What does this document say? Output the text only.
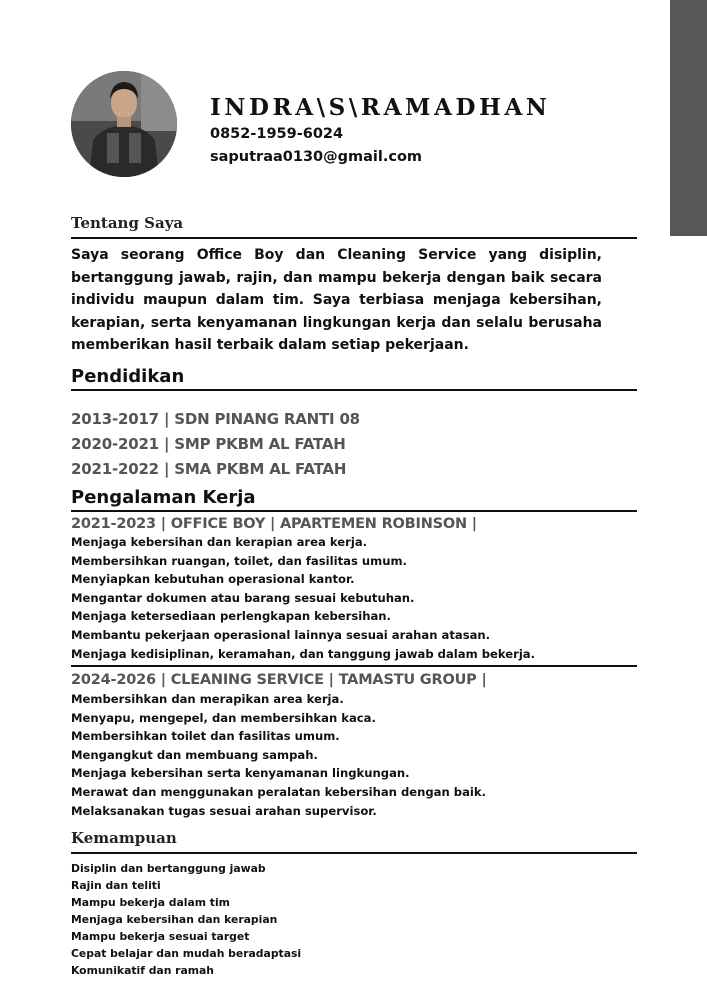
INDRA\S\RAMADHAN
0852-1959-6024
saputraa0130@gmail.com
Tentang Saya
Saya seorang Office Boy dan Cleaning Service yang disiplin, bertanggung jawab, rajin, dan mampu bekerja dengan baik secara individu maupun dalam tim. Saya terbiasa menjaga kebersihan, kerapian, serta kenyamanan lingkungan kerja dan selalu berusaha memberikan hasil terbaik dalam setiap pekerjaan.
Pendidikan
2013-2017 | SDN PINANG RANTI 08
2020-2021 | SMP PKBM AL FATAH
2021-2022 | SMA PKBM AL FATAH
Pengalaman Kerja
2021-2023 | OFFICE BOY | APARTEMEN ROBINSON |
Menjaga kebersihan dan kerapian area kerja.
Membersihkan ruangan, toilet, dan fasilitas umum.
Menyiapkan kebutuhan operasional kantor.
Mengantar dokumen atau barang sesuai kebutuhan.
Menjaga ketersediaan perlengkapan kebersihan.
Membantu pekerjaan operasional lainnya sesuai arahan atasan.
Menjaga kedisiplinan, keramahan, dan tanggung jawab dalam bekerja.
2024-2026 | CLEANING SERVICE | TAMASTU GROUP |
Membersihkan dan merapikan area kerja.
Menyapu, mengepel, dan membersihkan kaca.
Membersihkan toilet dan fasilitas umum.
Mengangkut dan membuang sampah.
Menjaga kebersihan serta kenyamanan lingkungan.
Merawat dan menggunakan peralatan kebersihan dengan baik.
Melaksanakan tugas sesuai arahan supervisor.
Kemampuan
Disiplin dan bertanggung jawab
Rajin dan teliti
Mampu bekerja dalam tim
Menjaga kebersihan dan kerapian
Mampu bekerja sesuai target
Cepat belajar dan mudah beradaptasi
Komunikatif dan ramah
